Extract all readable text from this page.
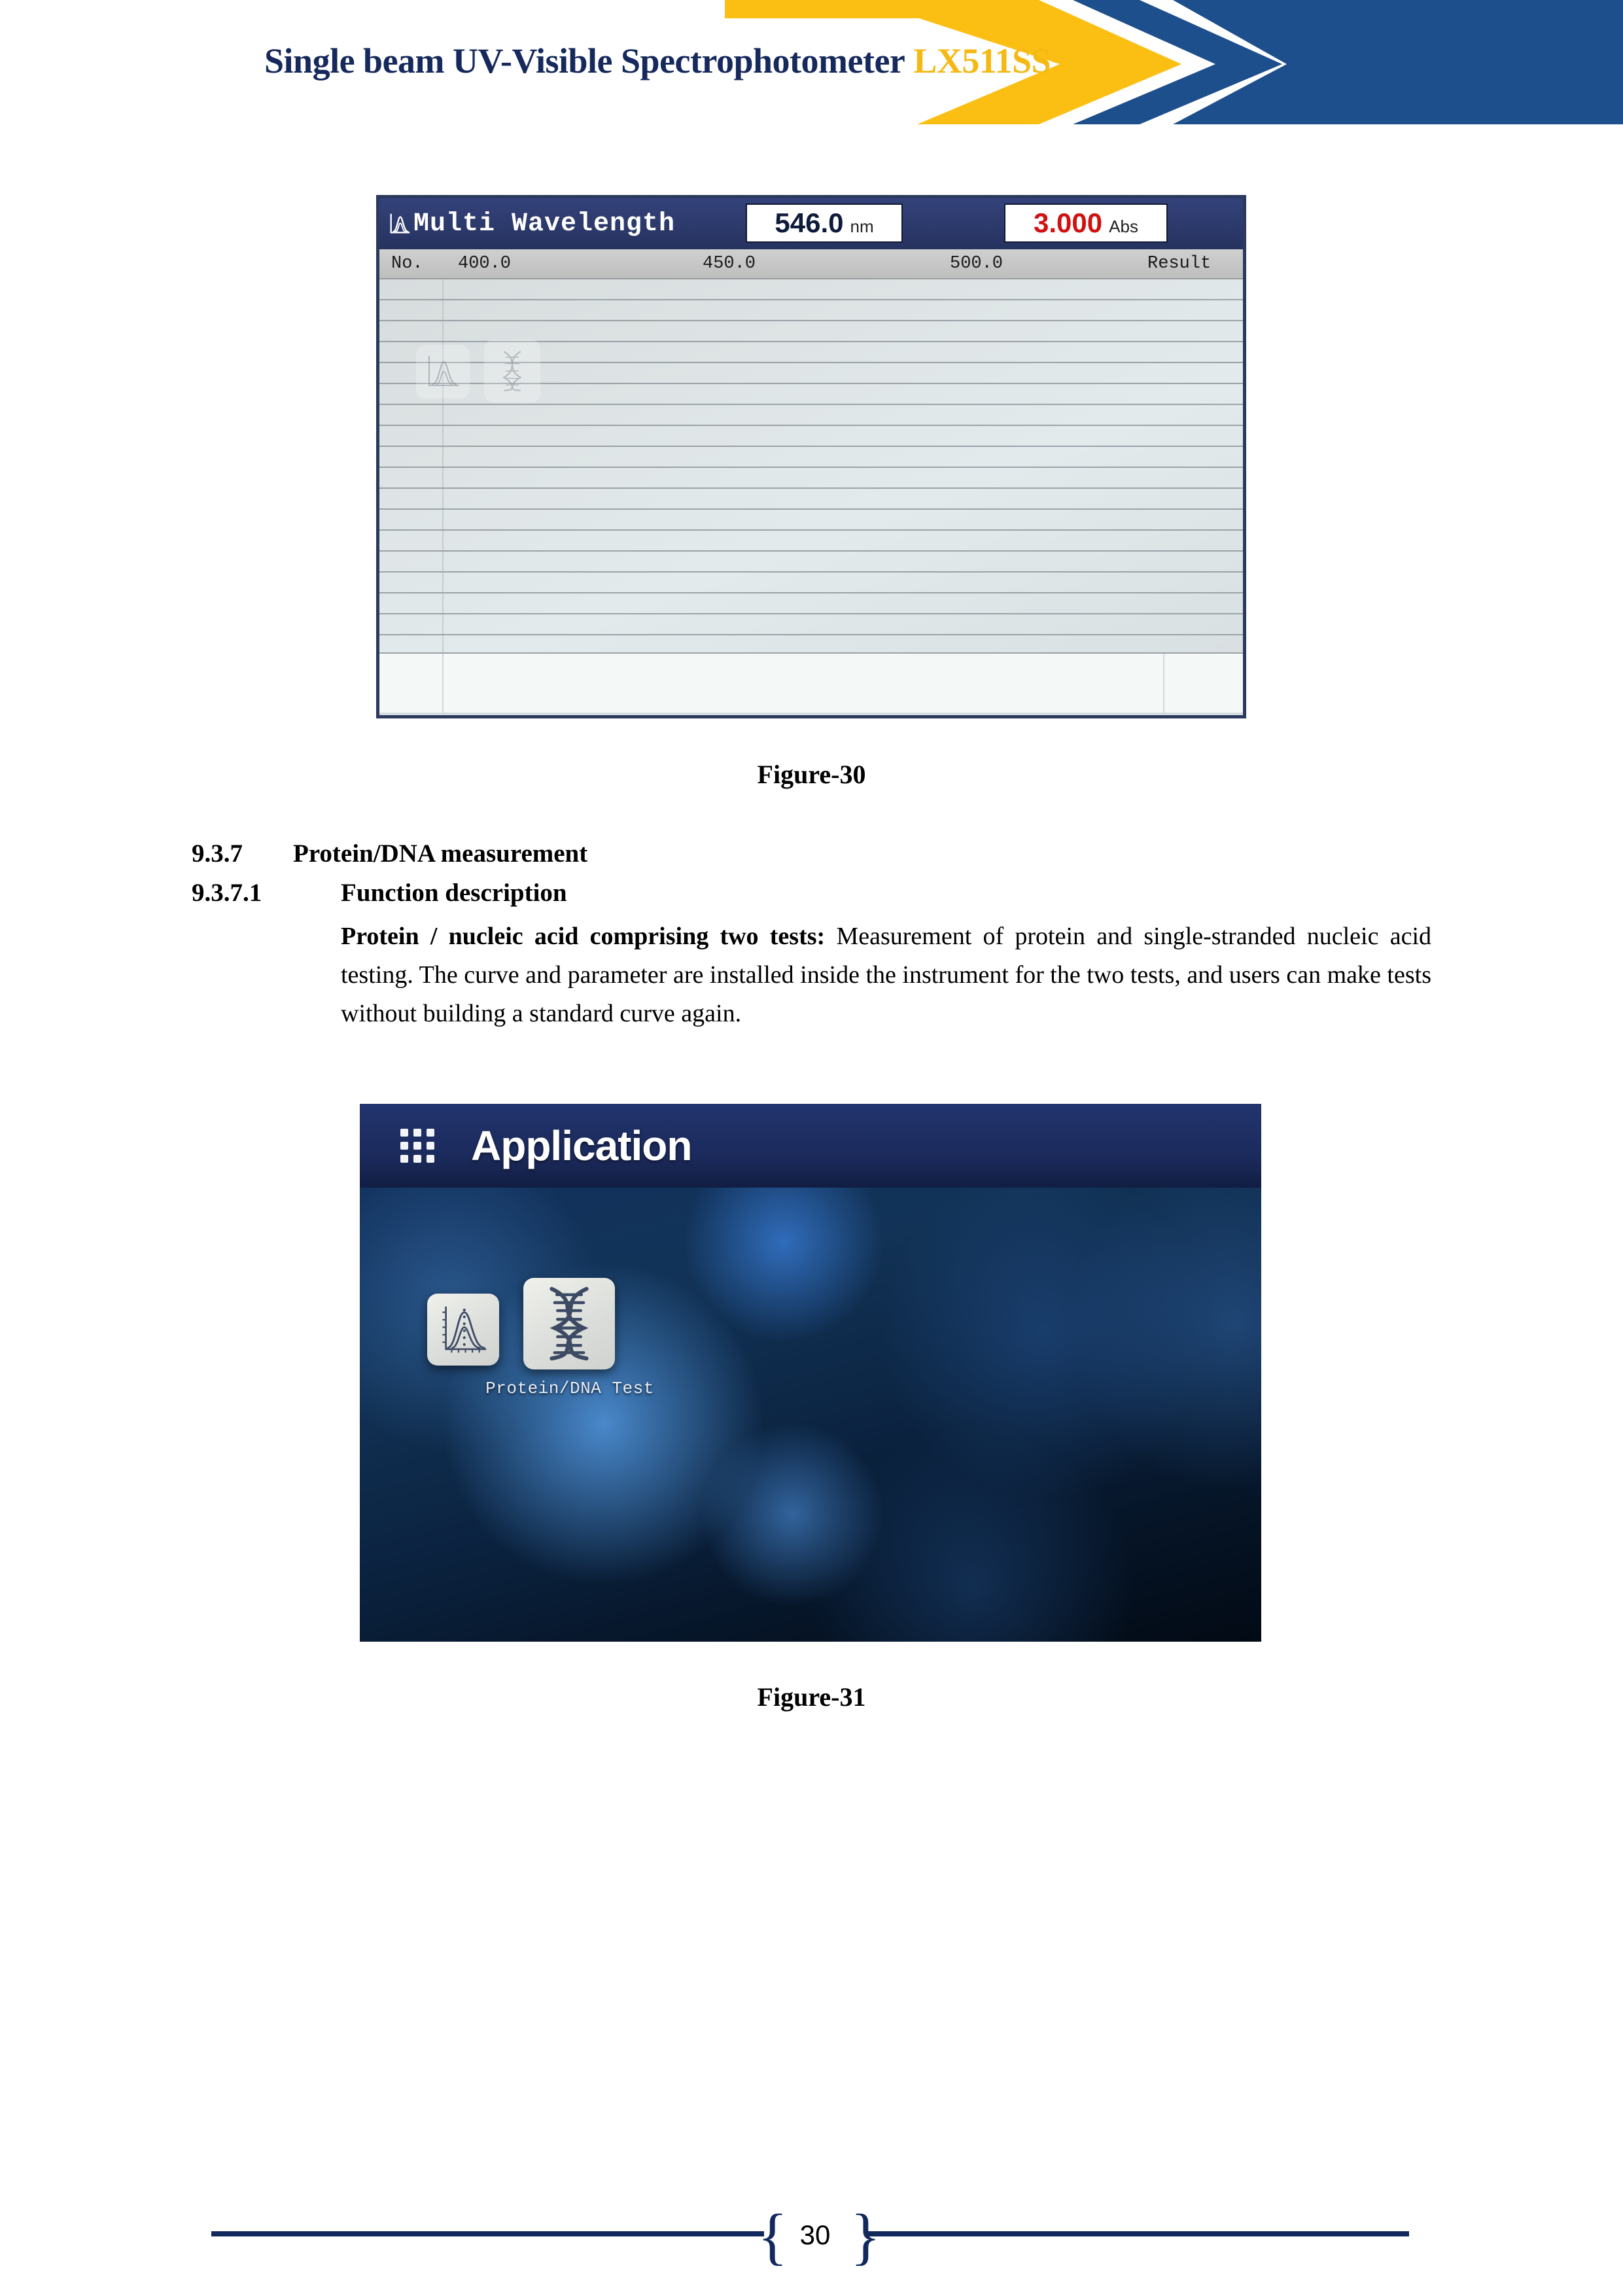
Single beam UV-Visible Spectrophotometer LX511SS
Multi Wavelength	546.0 nm	3.000 Abs
No. 400.0	450.0	500.0	Result
Figure-30
9.3.7 Protein/DNA measurement
9.3.7.1	Function description
Protein / nucleic acid comprising two tests: Measurement of protein and single-stranded nucleic acid testing. The curve and parameter are installed inside the instrument for the two tests, and users can make tests without building a standard curve again.
Application
Protein/DNA Test
Figure-31
{ }
30
